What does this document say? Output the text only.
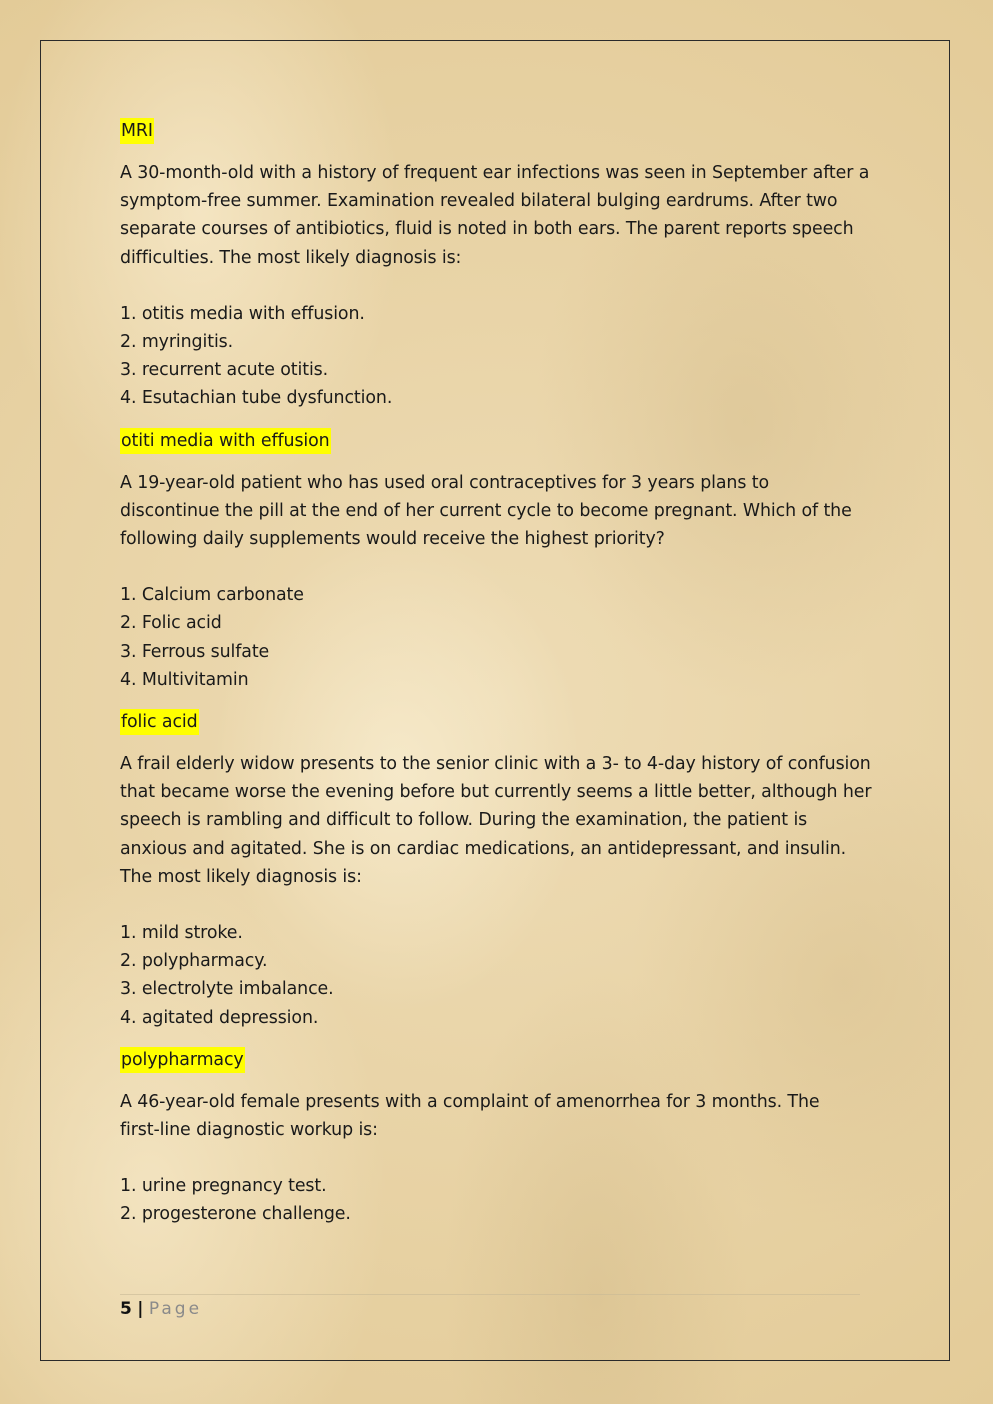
MRI

A 30-month-old with a history of frequent ear infections was seen in September after a symptom-free summer. Examination revealed bilateral bulging eardrums. After two separate courses of antibiotics, fluid is noted in both ears. The parent reports speech difficulties. The most likely diagnosis is:

1. otitis media with effusion.

2. myringitis.

3. recurrent acute otitis.

4. Esutachian tube dysfunction.

otiti media with effusion

A 19-year-old patient who has used oral contraceptives for 3 years plans to discontinue the pill at the end of her current cycle to become pregnant. Which of the following daily supplements would receive the highest priority?

1. Calcium carbonate

2. Folic acid

3. Ferrous sulfate

4. Multivitamin

folic acid

A frail elderly widow presents to the senior clinic with a 3- to 4-day history of confusion that became worse the evening before but currently seems a little better, although her speech is rambling and difficult to follow. During the examination, the patient is anxious and agitated. She is on cardiac medications, an antidepressant, and insulin. The most likely diagnosis is:

1. mild stroke.

2. polypharmacy.

3. electrolyte imbalance.

4. agitated depression.

polypharmacy

A 46-year-old female presents with a complaint of amenorrhea for 3 months. The first-line diagnostic workup is:

1. urine pregnancy test.

2. progesterone challenge.

5 | Page
